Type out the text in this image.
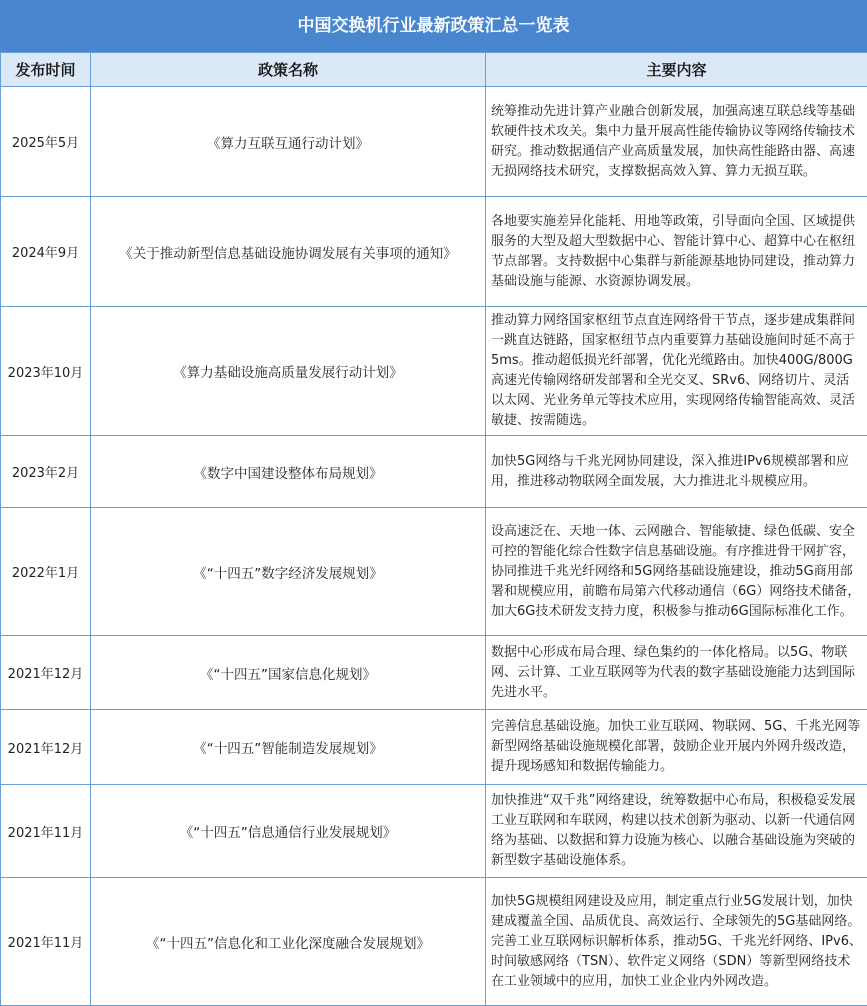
中国交换机行业最新政策汇总一览表
发布时间	政策名称	主要内容
2025年5月	《算力互联互通行动计划》	统筹推动先进计算产业融合创新发展，加强高速互联总线等基础软硬件技术攻关。集中力量开展高性能传输协议等网络传输技术研究。推动数据通信产业高质量发展，加快高性能路由器、高速无损网络技术研究，支撑数据高效入算、算力无损互联。
2024年9月	《关于推动新型信息基础设施协调发展有关事项的通知》	各地要实施差异化能耗、用地等政策，引导面向全国、区域提供服务的大型及超大型数据中心、智能计算中心、超算中心在枢纽节点部署。支持数据中心集群与新能源基地协同建设，推动算力基础设施与能源、水资源协调发展。
2023年10月	《算力基础设施高质量发展行动计划》	推动算力网络国家枢纽节点直连网络骨干节点，逐步建成集群间一跳直达链路，国家枢纽节点内重要算力基础设施间时延不高于5ms。推动超低损光纤部署，优化光缆路由。加快400G/800G高速光传输网络研发部署和全光交叉、SRv6、网络切片、灵活以太网、光业务单元等技术应用，实现网络传输智能高效、灵活敏捷、按需随选。
2023年2月	《数字中国建设整体布局规划》	加快5G网络与千兆光网协同建设，深入推进IPv6规模部署和应用，推进移动物联网全面发展，大力推进北斗规模应用。
2022年1月	《“十四五”数字经济发展规划》	设高速泛在、天地一体、云网融合、智能敏捷、绿色低碳、安全可控的智能化综合性数字信息基础设施。有序推进骨干网扩容，协同推进千兆光纤网络和5G网络基础设施建设，推动5G商用部署和规模应用，前瞻布局第六代移动通信（6G）网络技术储备，加大6G技术研发支持力度，积极参与推动6G国际标准化工作。
2021年12月	《“十四五”国家信息化规划》	数据中心形成布局合理、绿色集约的一体化格局。以5G、物联网、云计算、工业互联网等为代表的数字基础设施能力达到国际先进水平。
2021年12月	《“十四五”智能制造发展规划》	完善信息基础设施。加快工业互联网、物联网、5G、千兆光网等新型网络基础设施规模化部署，鼓励企业开展内外网升级改造，提升现场感知和数据传输能力。
2021年11月	《“十四五”信息通信行业发展规划》	加快推进“双千兆”网络建设，统筹数据中心布局，积极稳妥发展工业互联网和车联网，构建以技术创新为驱动、以新一代通信网络为基础、以数据和算力设施为核心、以融合基础设施为突破的新型数字基础设施体系。
2021年11月	《“十四五”信息化和工业化深度融合发展规划》	加快5G规模组网建设及应用，制定重点行业5G发展计划，加快建成覆盖全国、品质优良、高效运行、全球领先的5G基础网络。完善工业互联网标识解析体系，推动5G、千兆光纤网络、IPv6、时间敏感网络（TSN）、软件定义网络（SDN）等新型网络技术在工业领域中的应用，加快工业企业内外网改造。
